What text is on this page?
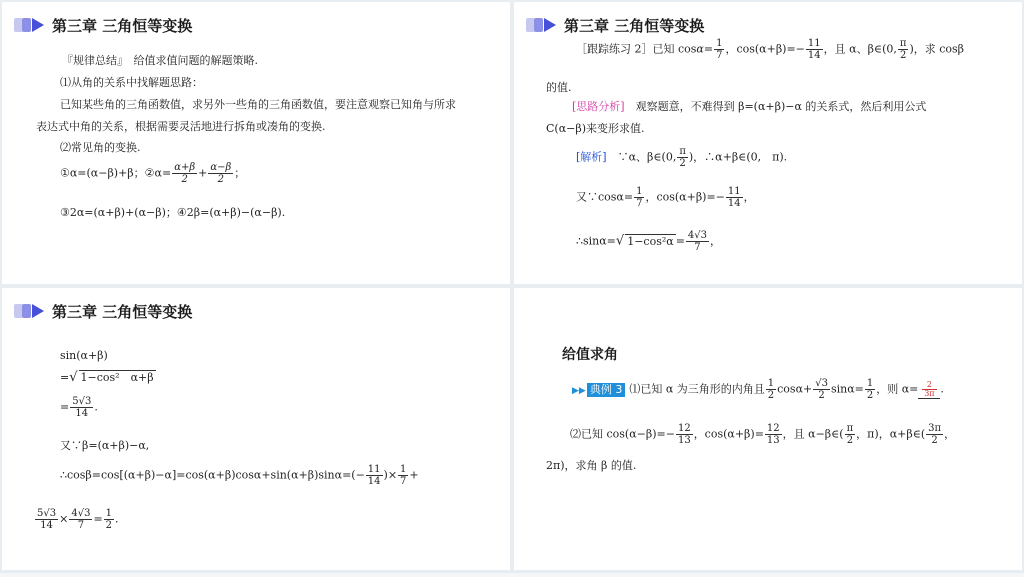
第三章 三角恒等变换
『规律总结』　给值求值问题的解题策略.
⑴从角的关系中找解题思路：
已知某些角的三角函数值，求另外一些角的三角函数值，要注意观察已知角与所求
表达式中角的关系，根据需要灵活地进行拆角或凑角的变换.
⑵常见角的变换.
①α=(α−β)+β；②α= $\frac{\alpha+\beta}{2} + \frac{\alpha-\beta}{2}$ ；
③2α=(α+β)+(α−β)；④2β=(α+β)−(α−β).
第三章 三角恒等变换
［跟踪练习 2］已知 $\cos\alpha= \frac{1}{7}$ ，$\cos(\alpha+\beta)=- \frac{11}{14}$ ，且 α、β∈(0, $\frac{\pi}{2}$ )，求 cosβ
的值.
[思路分析]　观察题意，不难得到 β=(α+β)−α 的关系式，然后利用公式
C(α−β)来变形求值.
[解析]　∵α、β∈(0, $\frac{\pi}{2}$ )，∴α+β∈(0,　π).
又∵cosα= $\frac{1}{7}$ ，$\cos(\alpha+\beta)=- \frac{11}{14}$ ，
∴sinα=√ $1-\cos^2\alpha = \frac{4√3}{7}$ ，
第三章 三角恒等变换
sin(α+β)
=√ 1−cos²　α+β
= $\frac{5√3}{14}$ .
又∵β=(α+β)−α,
∴cosβ=cos[(α+β)−α]=cos(α+β)cosα+sin(α+β)sinα=(− $\frac{11}{14}$ )× $\frac{1}{7}$ +
$\frac{5√3}{14} \times \frac{4√3}{7} = \frac{1}{2}$ .
给值求角
▶▶ 典例 3 ⑴已知 α 为三角形的内角且 $\frac{1}{2} \cos\alpha+ \frac{√3}{2} \sin\alpha= \frac{1}{2}$ ，则 $\alpha= \frac{2}{3\pi}$ .
⑵已知 $\cos(\alpha-\beta)=- \frac{12}{13}$ ，$\cos(\alpha+\beta)= \frac{12}{13}$ ，且 α−β∈( $\frac{\pi}{2}$ ，π)，α+β∈( $\frac{3\pi}{2}$ ，
2π)，求角 β 的值.
